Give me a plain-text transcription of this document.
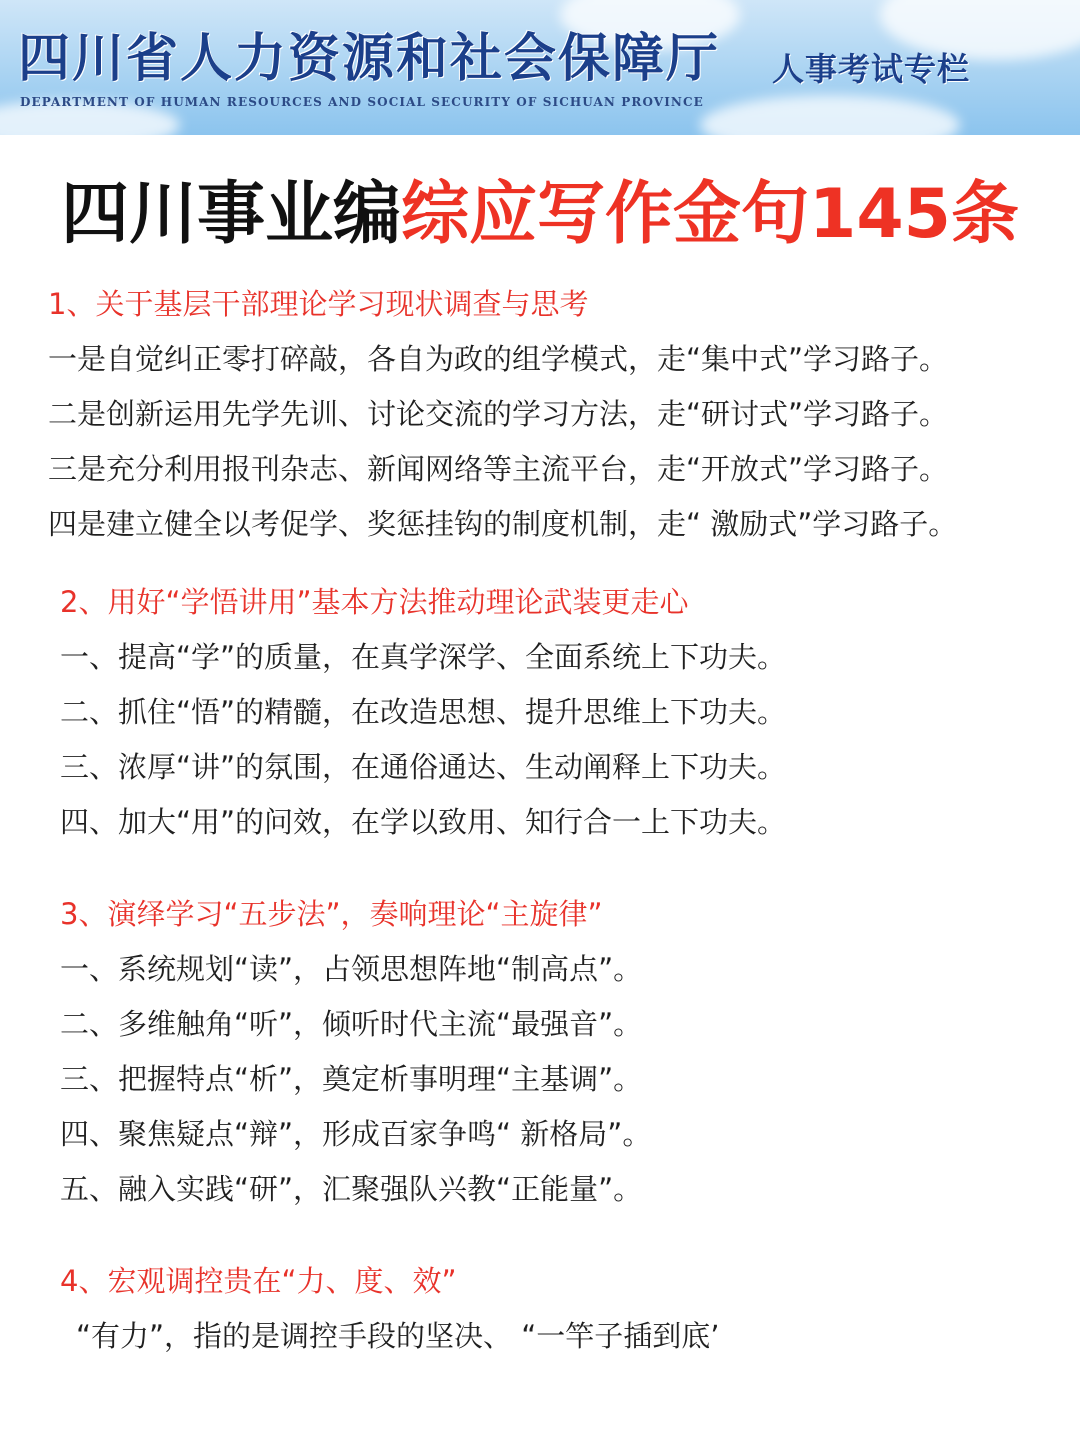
四川省人力资源和社会保障厅
DEPARTMENT OF HUMAN RESOURCES AND SOCIAL SECURITY OF SICHUAN PROVINCE
人事考试专栏
四川事业编综应写作金句145条
1、关于基层干部理论学习现状调查与思考
一是自觉纠正零打碎敲，各自为政的组学模式，走“集中式”学习路子。
二是创新运用先学先训、讨论交流的学习方法，走“研讨式”学习路子。
三是充分利用报刊杂志、新闻网络等主流平台，走“开放式”学习路子。
四是建立健全以考促学、奖惩挂钩的制度机制，走“ 激励式”学习路子。
2、用好“学悟讲用”基本方法推动理论武装更走心
一、提高“学”的质量，在真学深学、全面系统上下功夫。
二、抓住“悟”的精髓，在改造思想、提升思维上下功夫。
三、浓厚“讲”的氛围，在通俗通达、生动阐释上下功夫。
四、加大“用”的问效，在学以致用、知行合一上下功夫。
3、演绎学习“五步法”，奏响理论“主旋律”
一、系统规划“读”，占领思想阵地“制高点”。
二、多维触角“听”，倾听时代主流“最强音”。
三、把握特点“析”，奠定析事明理“主基调”。
四、聚焦疑点“辩”，形成百家争鸣“ 新格局”。
五、融入实践“研”，汇聚强队兴教“正能量”。
4、宏观调控贵在“力、度、效”
“有力”，指的是调控手段的坚决、 “一竿子插到底’
